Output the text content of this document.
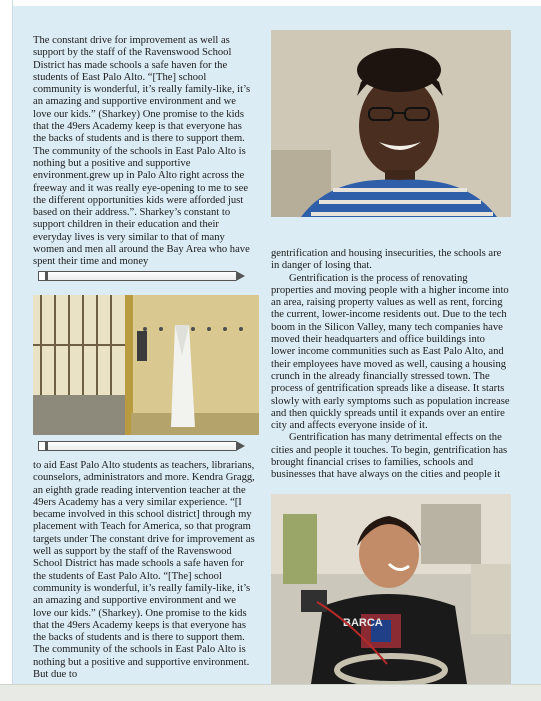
The constant drive for improvement as well as support by the staff of the Ravenswood School District has made schools a safe haven for the students of East Palo Alto. “[The] school community is wonderful, it’s really family-like, it’s an amazing and supportive environment and we love our kids.” (Sharkey) One promise to the kids that the 49ers Academy keep is that everyone has the backs of students and is there to support them. The community of the schools in East Palo Alto is nothing but a positive and supportive environment.grew up in Palo Alto right across the freeway and it was really eye-opening to me to see the different opportunities kids were afforded just based on their address.”. Sharkey’s constant to support children in their education and their everyday lives is very similar to that of many women and men all around the Bay Area who have spent their time and money

to aid East Palo Alto students as teachers, librarians, counselors, administrators and more. Kendra Gragg, an eighth grade reading intervention teacher at the 49ers Academy has a very similar experience. “[I became involved in this school district] through my placement with Teach for America, so that program targets under The constant drive for improvement as well as support by the staff of the Ravenswood School District has made schools a safe haven for the students of East Palo Alto. “[The] school community is wonderful, it’s really family-like, it’s an amazing and supportive environment and we love our kids.” (Sharkey). One promise to the kids that the 49ers Academy keeps is that everyone has the backs of students and is there to support them. The community of the schools in East Palo Alto is nothing but a positive and supportive environment. But due to

gentrification and housing insecurities, the schools are in danger of losing that.

Gentrification is the process of renovating properties and moving people with a higher income into an area, raising property values as well as rent, forcing the current, lower-income residents out. Due to the tech boom in the Silicon Valley, many tech companies have moved their headquarters and office buildings into lower income communities such as East Palo Alto, and their employees have moved as well, causing a housing crunch in the already financially stressed town. The process of gentrification spreads like a disease. It starts slowly with early symptoms such as population increase and then quickly spreads until it expands over an entire city and affects everyone inside of it.

Gentrification has many detrimental effects on the cities and people it touches. To begin, gentrification has brought financial crises to families, schools and businesses that have always on the cities and people it

BARCA
